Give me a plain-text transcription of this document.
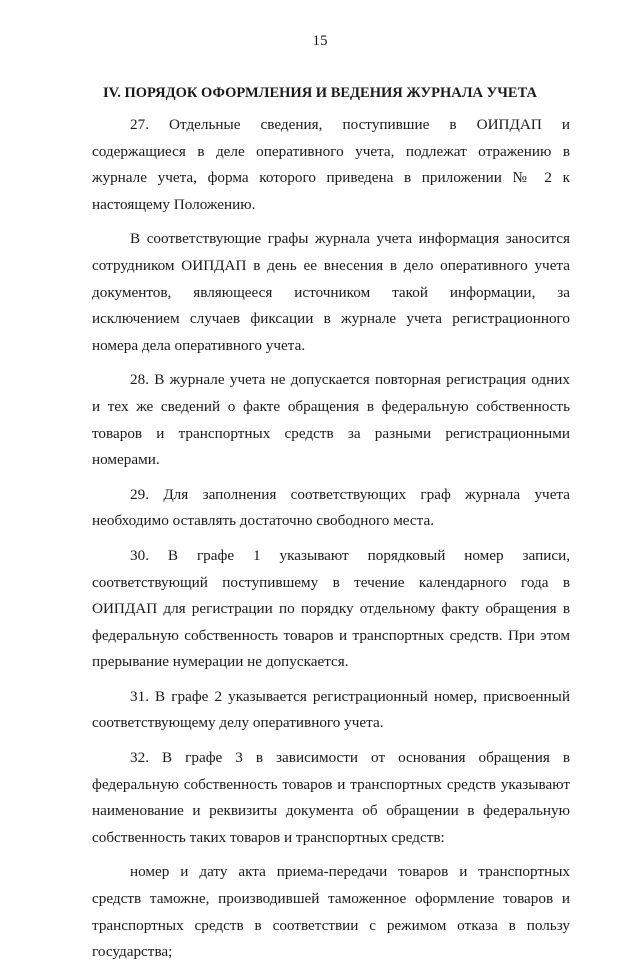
15
IV. ПОРЯДОК ОФОРМЛЕНИЯ И ВЕДЕНИЯ ЖУРНАЛА УЧЕТА

27. Отдельные сведения, поступившие в ОИПДАП и содержащиеся в деле оперативного учета, подлежат отражению в журнале учета, форма которого приведена в приложении № 2 к настоящему Положению.

В соответствующие графы журнала учета информация заносится сотрудником ОИПДАП в день ее внесения в дело оперативного учета документов, являющееся источником такой информации, за исключением случаев фиксации в журнале учета регистрационного номера дела оперативного учета.

28. В журнале учета не допускается повторная регистрация одних и тех же сведений о факте обращения в федеральную собственность товаров и транспортных средств за разными регистрационными номерами.

29. Для заполнения соответствующих граф журнала учета необходимо оставлять достаточно свободного места.

30. В графе 1 указывают порядковый номер записи, соответствующий поступившему в течение календарного года в ОИПДАП для регистрации по порядку отдельному факту обращения в федеральную собственность товаров и транспортных средств. При этом прерывание нумерации не допускается.

31. В графе 2 указывается регистрационный номер, присвоенный соответствующему делу оперативного учета.

32. В графе 3 в зависимости от основания обращения в федеральную собственность товаров и транспортных средств указывают наименование и реквизиты документа об обращении в федеральную собственность таких товаров и транспортных средств:

номер и дату акта приема-передачи товаров и транспортных средств таможне, производившей таможенное оформление товаров и транспортных средств в соответствии с режимом отказа в пользу государства;
